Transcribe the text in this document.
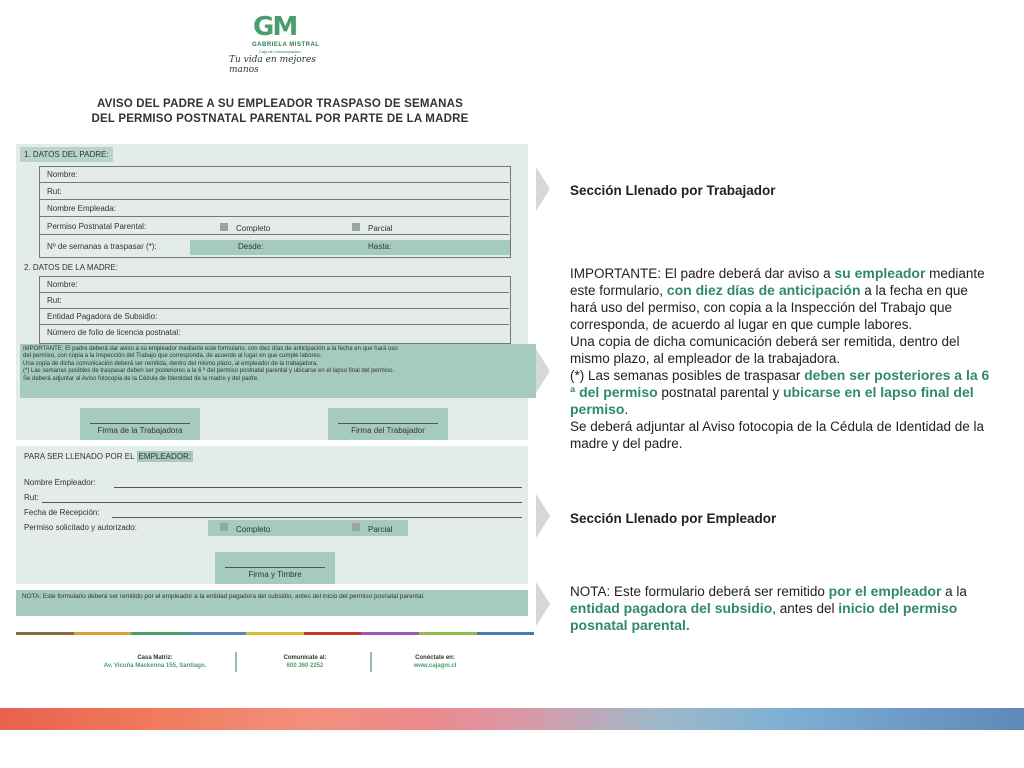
GM
GABRIELA MISTRAL
Caja de Compensación
Tu vida en mejores manos
AVISO DEL PADRE A SU EMPLEADOR TRASPASO DE SEMANAS
DEL PERMISO POSTNATAL PARENTAL POR PARTE DE LA MADRE
1. DATOS DEL PADRE:
Nombre:
Rut:
Nombre Empleada:
Permiso Postnatal Parental:	Completo	Parcial
Nº de semanas a traspasar (*):	Desde:	Hasta:
2. DATOS DE LA MADRE:
Nombre:
Rut:
Entidad Pagadora de Subsidio:
Número de folio de licencia postnatal:
IMPORTANTE: El padre deberá dar aviso a su empleador mediante este formulario, con diez días de anticipación a la fecha en que hará uso
del permiso, con copia a la Inspección del Trabajo que corresponda, de acuerdo al lugar en que cumple labores.
Una copia de dicha comunicación deberá ser remitida, dentro del mismo plazo, al empleador de la trabajadora.
(*) Las semanas posibles de traspasar deben ser posteriores a la 6 ª del permiso postnatal parental y ubicarse en el lapso final del permiso.
Se deberá adjuntar al Aviso fotocopia de la Cédula de Identidad de la madre y del padre.
Firma de la Trabajadora	Firma del Trabajador
PARA SER LLENADO POR EL EMPLEADOR:
Nombre Empleador:
Rut:
Fecha de Recepción:
Permiso solicitado y autorizado:	Completo	Parcial
Firma y Timbre
NOTA: Este formulario deberá ser remitido por el empleador a la entidad pagadora del subsidio, antes del inicio del permiso posnatal parental.
Casa Matriz:
Av. Vicuña Mackenna 155, Santiago.
Comunícate al:
600 360 2252
Conéctate en:
www.cajagm.cl
Sección Llenado por Trabajador
IMPORTANTE: El padre deberá dar aviso a su empleador mediante este formulario, con diez días de anticipación a la fecha en que hará uso del permiso, con copia a la Inspección del Trabajo que corresponda, de acuerdo al lugar en que cumple labores.
Una copia de dicha comunicación deberá ser remitida, dentro del mismo plazo, al empleador de la trabajadora.
(*) Las semanas posibles de traspasar deben ser posteriores a la 6 ª del permiso postnatal parental y ubicarse en el lapso final del permiso.
Se deberá adjuntar al Aviso fotocopia de la Cédula de Identidad de la madre y del padre.
Sección Llenado por Empleador
NOTA: Este formulario deberá ser remitido por el empleador a la entidad pagadora del subsidio, antes del inicio del permiso posnatal parental.
